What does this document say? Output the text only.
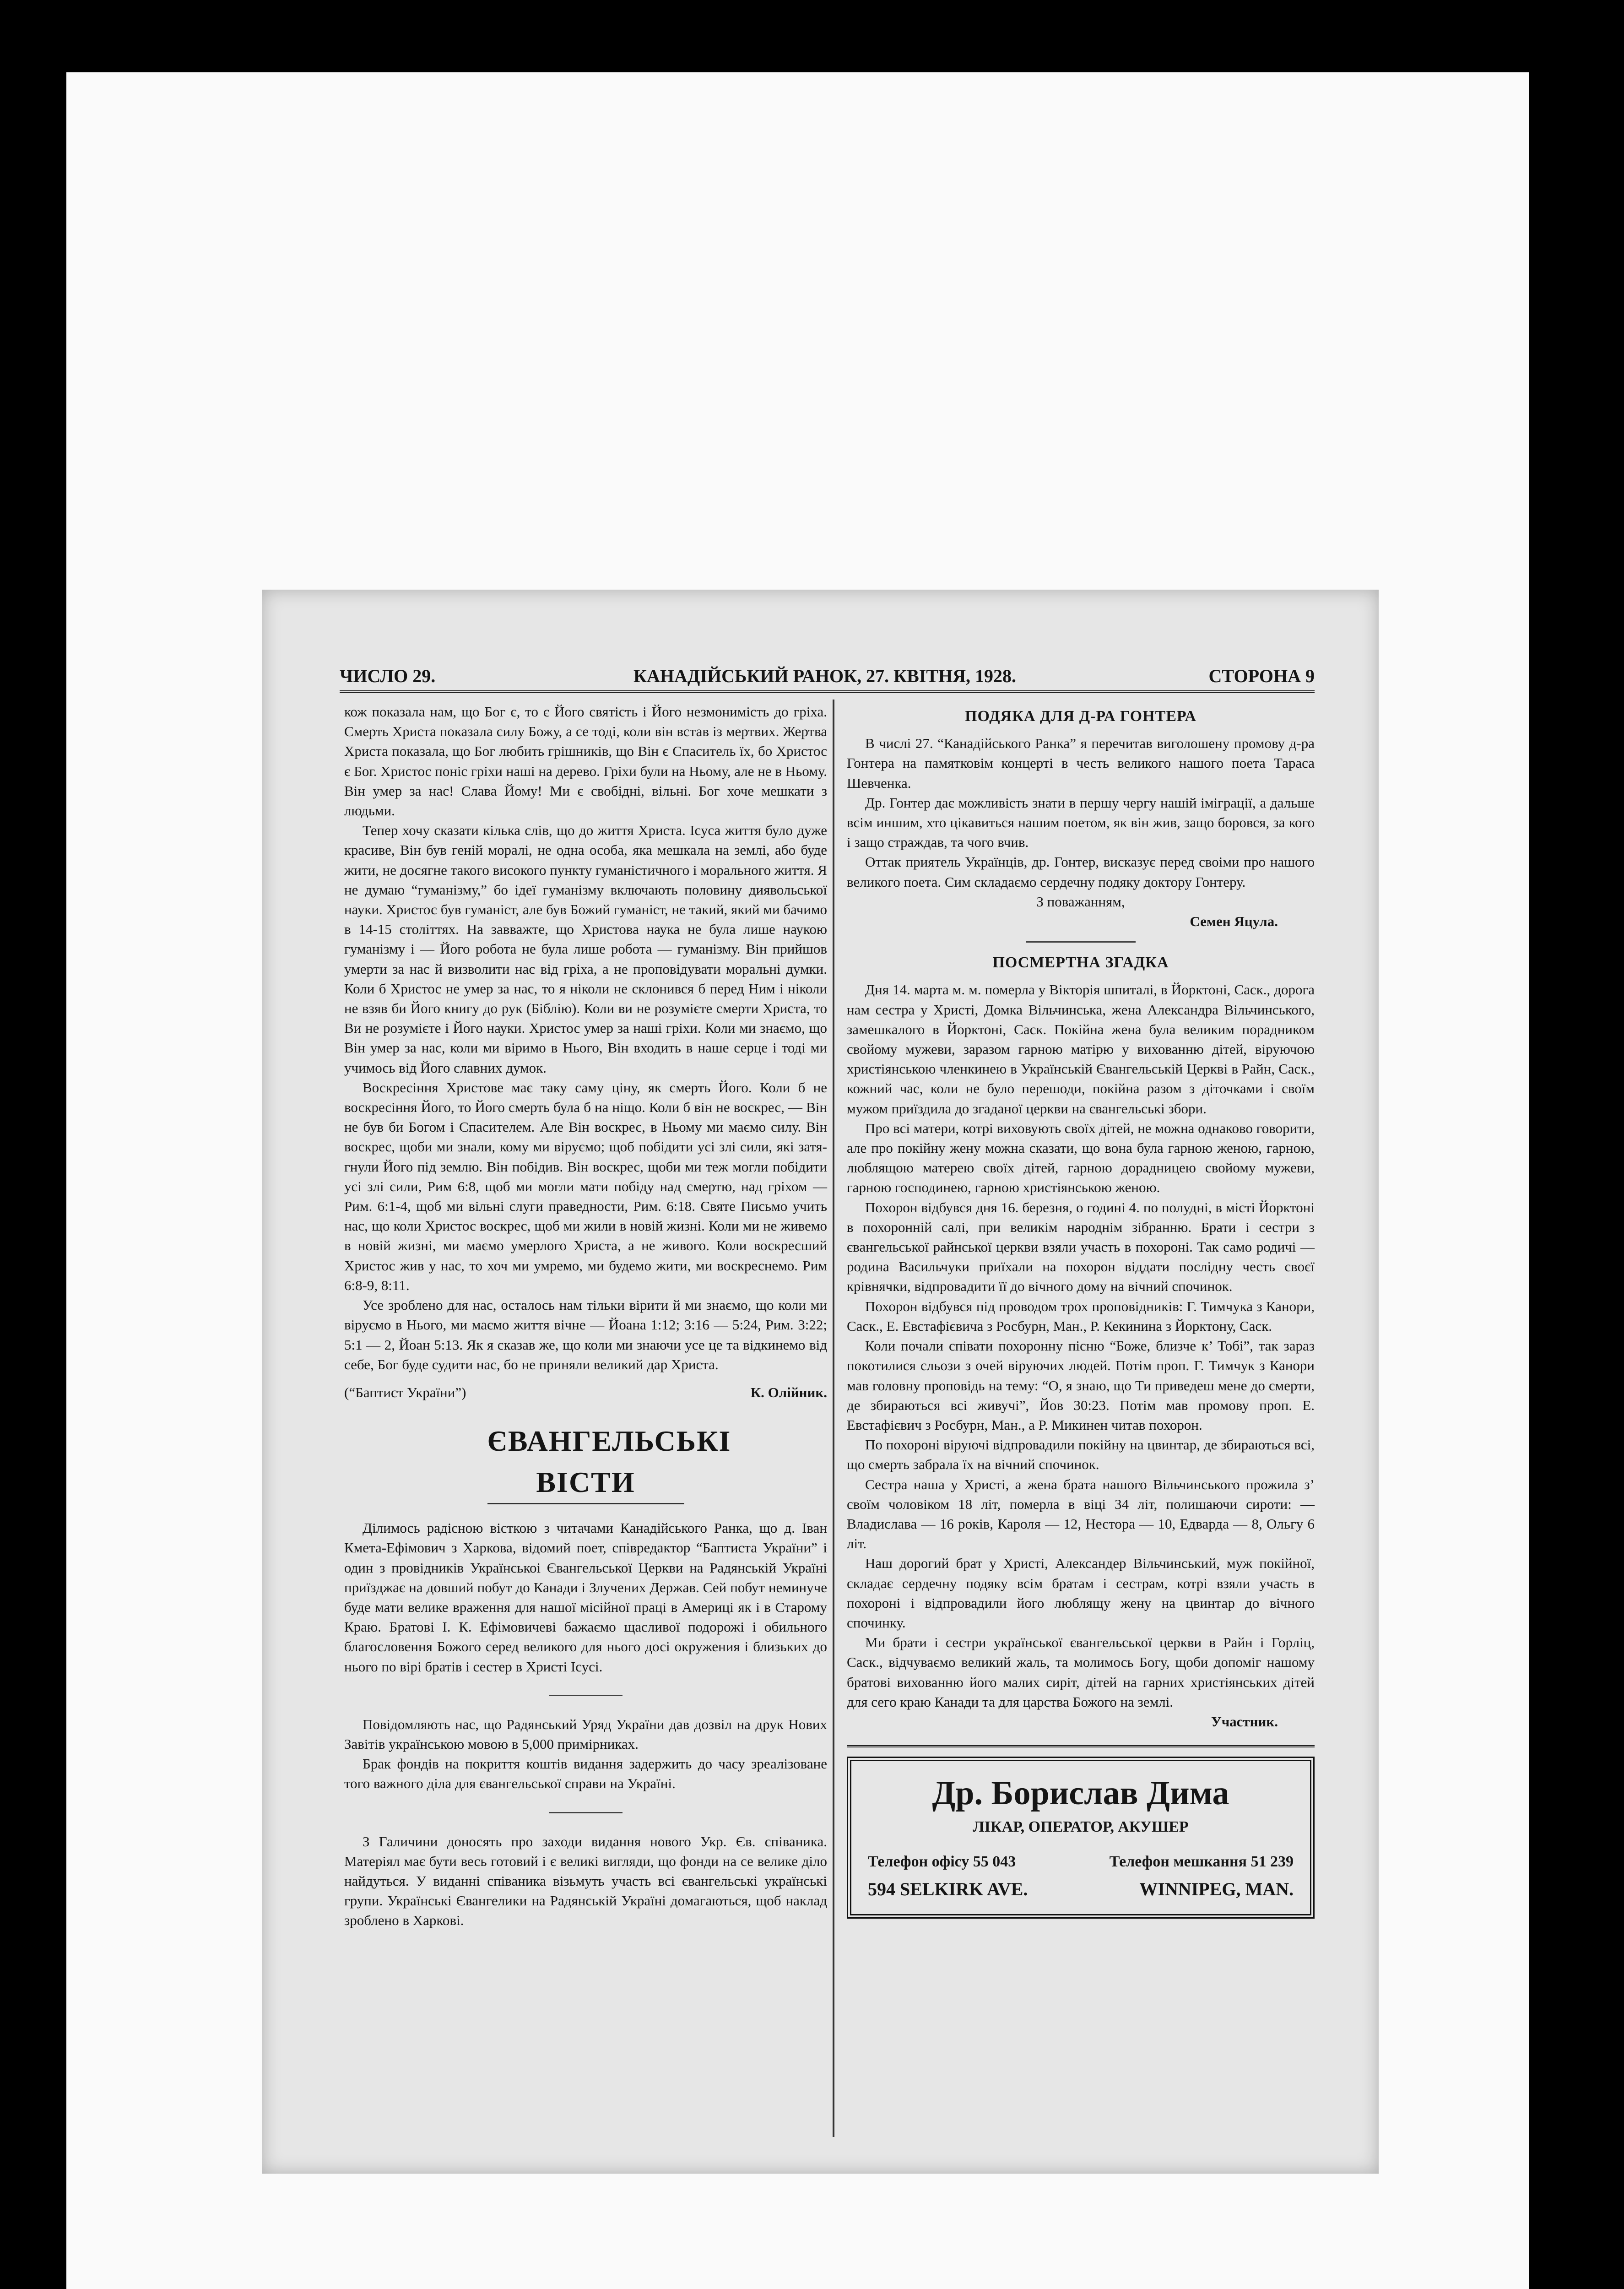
ЧИСЛО 29.	КАНАДІЙСЬКИЙ РАНОК, 27. КВІТНЯ, 1928.	СТОРОНА 9

кож показала нам, що Бог є, то є Його святість і Його незмонимість до гріха. Смерть Христа показала силу Божу, а се тоді, коли він встав із мертвих. Жертва Христа показала, що Бог любить грішників, що Він є Спаситель їх, бо Христос є Бог. Христос поніс гріхи наші на дерево. Гріхи були на Ньому, але не в Ньому. Він умер за нас! Слава Йому! Ми є свобідні, вільні. Бог хоче мешкати з людьми.

Тепер хочу сказати кілька слів, що до життя Христа. Ісуса життя було дуже красиве, Він був геній моралі, не одна особа, яка мешкала на землі, або буде жити, не досягне такого високого пункту гуманістичного і морального життя. Я не думаю “гуманізму,” бо ідеї гуманізму включають половину диявольської науки. Христос був гуманіст, але був Божий гуманіст, не такий, який ми бачимо в 14-15 століттях. На завважте, що Христова наука не була лише наукою гуманізму і — Його робота не була лише робота — гуманізму. Він прийшов умерти за нас й визволити нас від гріха, а не проповідувати моральні думки. Коли б Христос не умер за нас, то я ніколи не склонився б перед Ним і ніколи не взяв би Його книгу до рук (Біблію). Коли ви не розумієте смерти Христа, то Ви не розумієте і Його науки. Христос умер за наші гріхи. Коли ми знаємо, що Він умер за нас, коли ми віримо в Нього, Він входить в наше серце і тоді ми учимось від Його славних думок.

Воскресіння Христове має таку саму ціну, як смерть Його. Коли б не воскресіння Його, то Його смерть була б на ніщо. Коли б він не воскрес, — Він не був би Богом і Спасителем. Але Він воскрес, в Ньому ми маємо силу. Він воскрес, щоби ми знали, кому ми віруємо; щоб побідити усі злі сили, які затягнули Його під землю. Він побідив. Він воскрес, щоби ми теж могли побідити усі злі сили, Рим 6:8, щоб ми могли мати побіду над смертю, над гріхом — Рим. 6:1-4, щоб ми вільні слуги праведности, Рим. 6:18. Святе Письмо учить нас, що коли Христос воскрес, щоб ми жили в новій жизні. Коли ми не живемо в новій жизні, ми маємо умерлого Христа, а не живого. Коли воскресший Христос жив у нас, то хоч ми умремо, ми будемо жити, ми воскреснемо. Рим 6:8-9, 8:11.

Усе зроблено для нас, осталось нам тільки вірити й ми знаємо, що коли ми віруємо в Нього, ми маємо життя вічне — Йоана 1:12; 3:16 — 5:24, Рим. 3:22; 5:1 — 2, Йоан 5:13. Як я сказав же, що коли ми знаючи усе це та відкинемо від себе, Бог буде судити нас, бо не приняли великий дар Христа.

(“Баптист України”)	К. Олійник.
ЄВАНГЕЛЬСЬКІ ВІСТИ

Ділимось радісною вісткою з читачами Канадійського Ранка, що д. Іван Кмета-Ефімович з Харкова, відомий поет, співредактор “Баптиста України” і один з провідників Українськоі Євангельської Церкви на Радянській Україні приїзджає на довший побут до Канади і Злучених Держав. Сей побут неминуче буде мати велике враження для нашої місійної праці в Америці як і в Старому Краю. Братові І. К. Ефімовичеві бажаємо щасливої подорожі і обильного благословення Божого серед великого для нього досі окружения і близьких до нього по вірі братів і сестер в Христі Ісусі.

Повідомляють нас, що Радянський Уряд України дав дозвіл на друк Нових Завітів українською мовою в 5,000 примірниках.

Брак фондів на покриття коштів видання задержить до часу зреалізоване того важного діла для євангельської справи на Україні.

З Галичини доносять про заходи видання нового Укр. Єв. співаника. Матеріял має бути весь готовий і є великі вигляди, що фонди на се велике діло найдуться. У виданні співаника візьмуть участь всі євангельські українські групи. Українські Євангелики на Радянській Україні домагаються, щоб наклад зроблено в Харкові.

ПОДЯКА ДЛЯ Д-РА ГОНТЕРА

В числі 27. “Канадійського Ранка” я перечитав виголошену промову д-ра Гонтера на памятковім концерті в честь великого нашого поета Тараса Шевченка.

Др. Гонтер дає можливість знати в першу чергу нашій іміграції, а дальше всім иншим, хто цікавиться нашим поетом, як він жив, защо боровся, за кого і защо страждав, та чого вчив.

Оттак приятель Українців, др. Гонтер, висказує перед своіми про нашого великого поета. Сим складаємо сердечну подяку доктору Гонтеру.

З поважанням,

Семен Яцула.

ПОСМЕРТНА ЗГАДКА

Дня 14. марта м. м. померла у Вікторія шпиталі, в Йорктоні, Саск., дорога нам сестра у Христі, Домка Вільчинська, жена Александра Вільчинського, замешкалого в Йорктоні, Саск. Покійна жена була великим порадником свойому мужеви, заразом гарною матірю у вихованню дітей, віруючою христіянською членкинею в Українській Євангельській Церкві в Райн, Саск., кожний час, коли не було перешоди, покійна разом з діточками і своїм мужом приїздила до згаданої церкви на євангельські збори.

Про всі матери, котрі виховують своїх дітей, не можна однаково говорити, але про покійну жену можна сказати, що вона була гарною женою, гарною, люблящою матерею своїх дітей, гарною дорадницею свойому мужеви, гарною господинею, гарною христіянською женою.

Похорон відбувся дня 16. березня, о годині 4. по полудні, в місті Йорктоні в похоронній салі, при великім народнім зібранню. Брати і сестри з євангельської райнської церкви взяли участь в похороні. Так само родичі — родина Васильчуки приїхали на похорон віддати послідну честь своєї крівнячки, відпровадити її до вічного дому на вічний спочинок.

Похорон відбувся під проводом трох проповідників: Г. Тимчука з Канори, Саск., Е. Евстафієвича з Росбурн, Ман., Р. Кекинина з Йорктону, Саск.

Коли почали співати похоронну пісню “Боже, близче к’ Тобі”, так зараз покотилися сльози з очей віруючих людей. Потім проп. Г. Тимчук з Канори мав головну проповідь на тему: “О, я знаю, що Ти приведеш мене до смерти, де збираються всі живучі”, Йов 30:23. Потім мав промову проп. Е. Евстафієвич з Росбурн, Ман., а Р. Микинен читав похорон.

По похороні віруючі відпровадили покійну на цвинтар, де збираються всі, що смерть забрала їх на вічний спочинок.

Сестра наша у Христі, а жена брата нашого Вільчинського прожила з’ своїм чоловіком 18 літ, померла в віці 34 літ, полишаючи сироти: — Владислава — 16 років, Кароля — 12, Нестора — 10, Едварда — 8, Ольгу 6 літ.

Наш дорогий брат у Христі, Александер Вільчинський, муж покійної, складає сердечну подяку всім братам і сестрам, котрі взяли участь в похороні і відпровадили його люблящу жену на цвинтар до вічного спочинку.

Ми брати і сестри української євангельської церкви в Райн і Горліц, Саск., відчуваємо великий жаль, та молимось Богу, щоби допоміг нашому братові вихованню його малих сиріт, дітей на гарних христіянських дітей для сего краю Канади та для царства Божого на землі.

Участник.

Др. Борислав Дима
ЛІКАР, ОПЕРАТОР, АКУШЕР
Телефон офісу 55 043	Телефон мешкання 51 239
594 SELKIRK AVE.	WINNIPEG, MAN.
